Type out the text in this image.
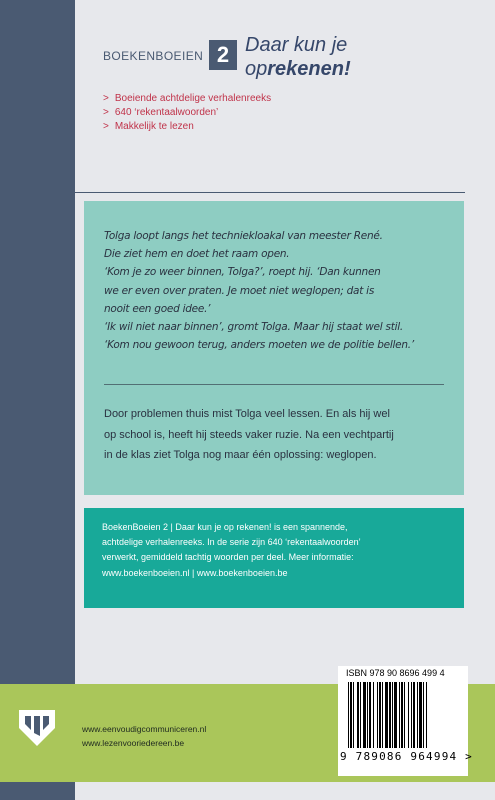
BOEKENBOEIEN 2 Daar kun je
oprekenen!
> Boeiende achtdelige verhalenreeks
> 640 ‘rekentaalwoorden’
> Makkelijk te lezen

Tolga loopt langs het techniekloakal van meester René.

Die ziet hem en doet het raam open.

‘Kom je zo weer binnen, Tolga?’, roept hij. ‘Dan kunnen

we er even over praten. Je moet niet weglopen; dat is

nooit een goed idee.’

‘Ik wil niet naar binnen’, gromt Tolga. Maar hij staat wel stil.

‘Kom nou gewoon terug, anders moeten we de politie bellen.’

Door problemen thuis mist Tolga veel lessen. En als hij wel

op school is, heeft hij steeds vaker ruzie. Na een vechtpartij

in de klas ziet Tolga nog maar één oplossing: weglopen.

BoekenBoeien 2 | Daar kun je op rekenen! is een spannende,

achtdelige verhalenreeks. In de serie zijn 640 ‘rekentaalwoorden’

verwerkt, gemiddeld tachtig woorden per deel. Meer informatie:

www.boekenboeien.nl | www.boekenboeien.be

www.eenvoudigcommuniceren.nl
www.lezenvooriedereen.be
ISBN 978 90 8696 499 4
9 789086 964994 >
